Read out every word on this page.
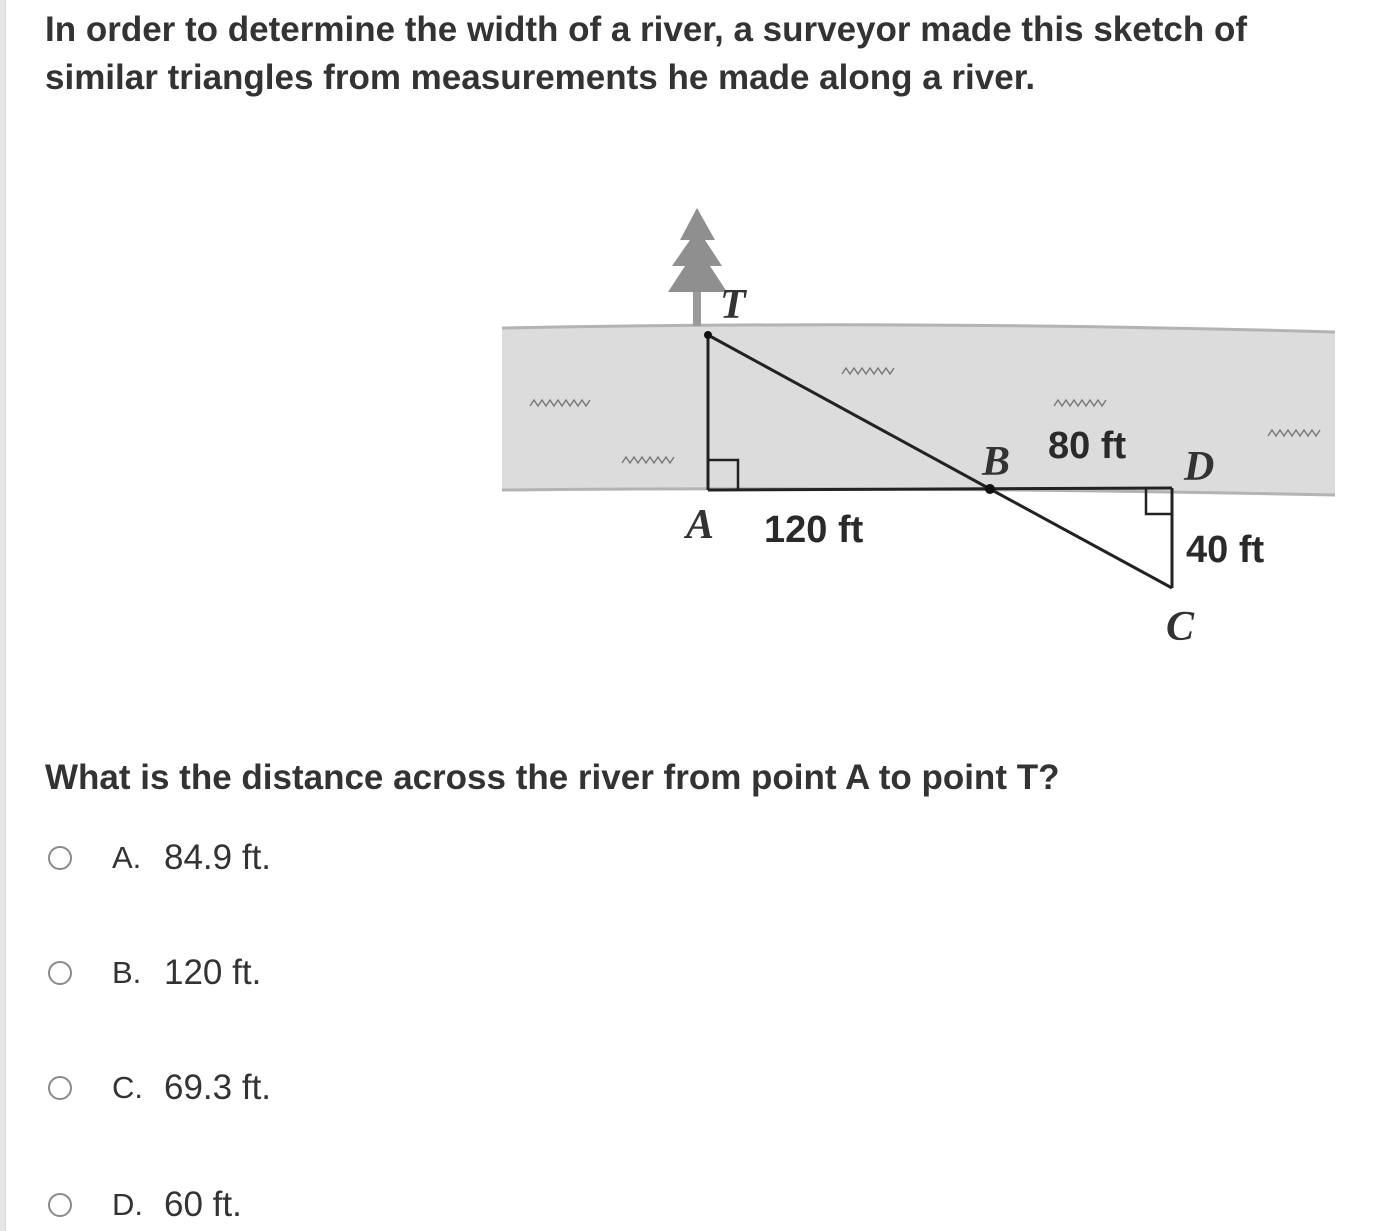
In order to determine the width of a river, a surveyor made this sketch of similar triangles from measurements he made along a river.

T
A
B	D
C
120 ft
80 ft
40 ft

What is the distance across the river from point A to point T?

A. 84.9 ft.
B. 120 ft.
C. 69.3 ft.
D. 60 ft.
